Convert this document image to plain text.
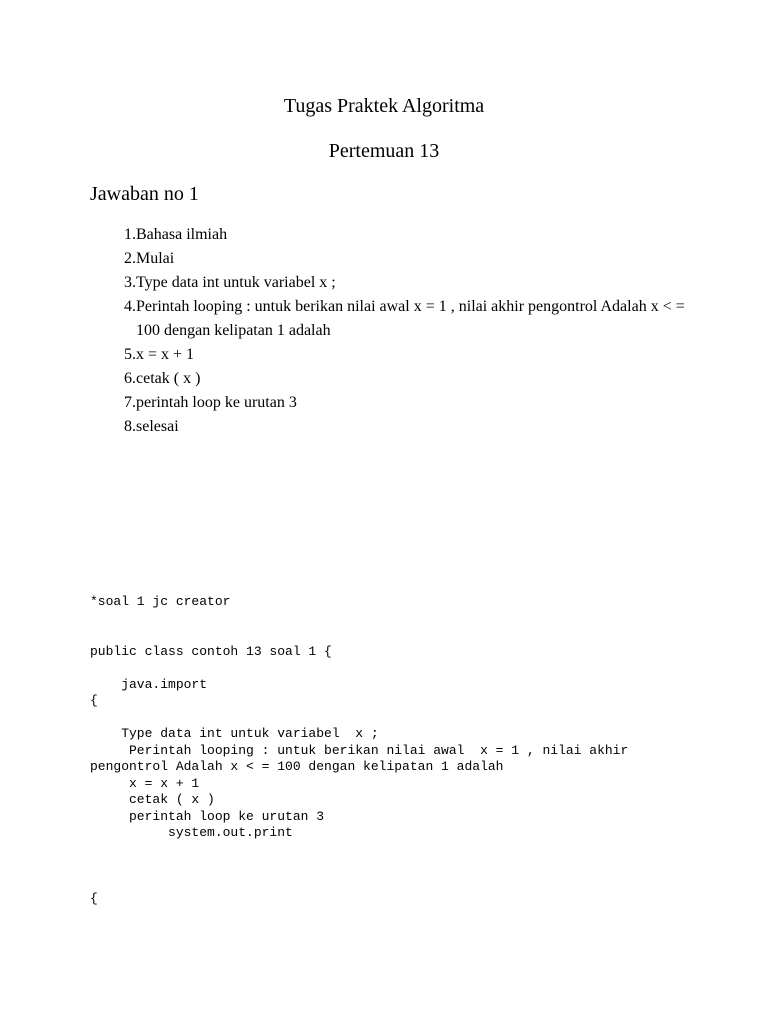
Tugas Praktek Algoritma
Pertemuan 13
Jawaban no 1
1. Bahasa ilmiah
2. Mulai
3. Type data int untuk variabel x ;
4. Perintah looping : untuk berikan nilai awal x = 1 , nilai akhir pengontrol Adalah x < = 100 dengan kelipatan 1 adalah
5. x = x + 1
6. cetak ( x )
7. perintah loop ke urutan 3
8. selesai
*soal 1 jc creator

public class contoh 13 soal 1 {

java.import
{

Type data int untuk variabel  x ;
Perintah looping : untuk berikan nilai awal  x = 1 , nilai akhir
pengontrol Adalah x < = 100 dengan kelipatan 1 adalah
x = x + 1
cetak ( x )
perintah loop ke urutan 3
system.out.print

{
